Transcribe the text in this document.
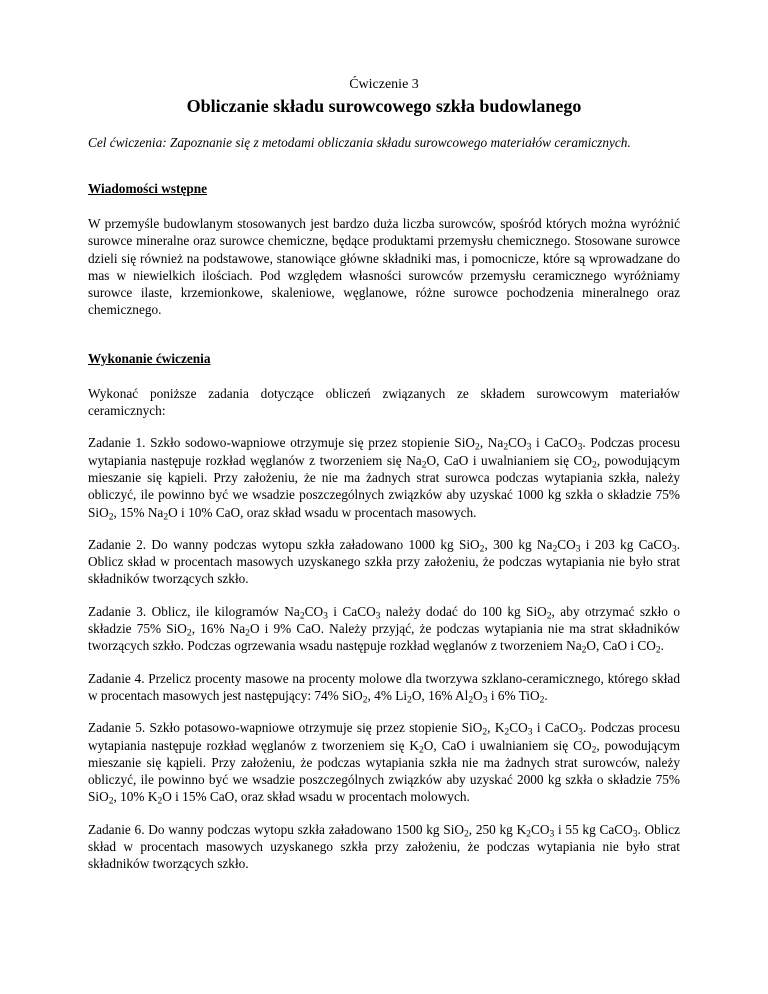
Ćwiczenie 3
Obliczanie składu surowcowego szkła budowlanego
Cel ćwiczenia: Zapoznanie się z metodami obliczania składu surowcowego materiałów ceramicznych.
Wiadomości wstępne
W przemyśle budowlanym stosowanych jest bardzo duża liczba surowców, spośród których można wyróżnić surowce mineralne oraz surowce chemiczne, będące produktami przemysłu chemicznego. Stosowane surowce dzieli się również na podstawowe, stanowiące główne składniki mas, i pomocnicze, które są wprowadzane do mas w niewielkich ilościach. Pod względem własności surowców przemysłu ceramicznego wyróżniamy surowce ilaste, krzemionkowe, skaleniowe, węglanowe, różne surowce pochodzenia mineralnego oraz chemicznego.
Wykonanie ćwiczenia
Wykonać poniższe zadania dotyczące obliczeń związanych ze składem surowcowym materiałów ceramicznych:
Zadanie 1. Szkło sodowo-wapniowe otrzymuje się przez stopienie SiO$_2$, $Na_2CO_3$ i CaCO$_3$. Podczas procesu wytapiania następuje rozkład węglanów z tworzeniem się $Na_2O$, CaO i uwalnianiem się $CO_2$, powodującym mieszanie się kąpieli. Przy założeniu, że nie ma żadnych strat surowca podczas wytapiania szkła, należy obliczyć, ile powinno być we wsadzie poszczególnych związków aby uzyskać 1000 kg szkła o składzie 75% SiO$_2$, 15% $Na_2O$ i 10% CaO, oraz skład wsadu w procentach masowych.
Zadanie 2. Do wanny podczas wytopu szkła załadowano 1000 kg SiO$_2$, 300 kg $Na_2CO_3$ i 203 kg CaCO$_3$. Oblicz skład w procentach masowych uzyskanego szkła przy założeniu, że podczas wytapiania nie było strat składników tworzących szkło.
Zadanie 3. Oblicz, ile kilogramów $Na_2CO_3$ i CaCO$_3$ należy dodać do 100 kg SiO$_2$, aby otrzymać szkło o składzie 75% SiO$_2$, 16% $Na_2O$ i 9% CaO. Należy przyjąć, że podczas wytapiania nie ma strat składników tworzących szkło. Podczas ogrzewania wsadu następuje rozkład węglanów z tworzeniem $Na_2O$, CaO i $CO_2$.
Zadanie 4. Przelicz procenty masowe na procenty molowe dla tworzywa szklano-ceramicznego, którego skład w procentach masowych jest następujący: 74% SiO$_2$, 4% $Li_2O$, 16% $Al_2O_3$ i 6% TiO$_2$.
Zadanie 5. Szkło potasowo-wapniowe otrzymuje się przez stopienie SiO$_2$, $K_2CO_3$ i CaCO$_3$. Podczas procesu wytapiania następuje rozkład węglanów z tworzeniem się $K_2O$, CaO i uwalnianiem się $CO_2$, powodującym mieszanie się kąpieli. Przy założeniu, że podczas wytapiania szkła nie ma żadnych strat surowców, należy obliczyć, ile powinno być we wsadzie poszczególnych związków aby uzyskać 2000 kg szkła o składzie 75% SiO$_2$, 10% $K_2O$ i 15% CaO, oraz skład wsadu w procentach molowych.
Zadanie 6. Do wanny podczas wytopu szkła załadowano 1500 kg SiO$_2$, 250 kg $K_2CO_3$ i 55 kg CaCO$_3$. Oblicz skład w procentach masowych uzyskanego szkła przy założeniu, że podczas wytapiania nie było strat składników tworzących szkło.
